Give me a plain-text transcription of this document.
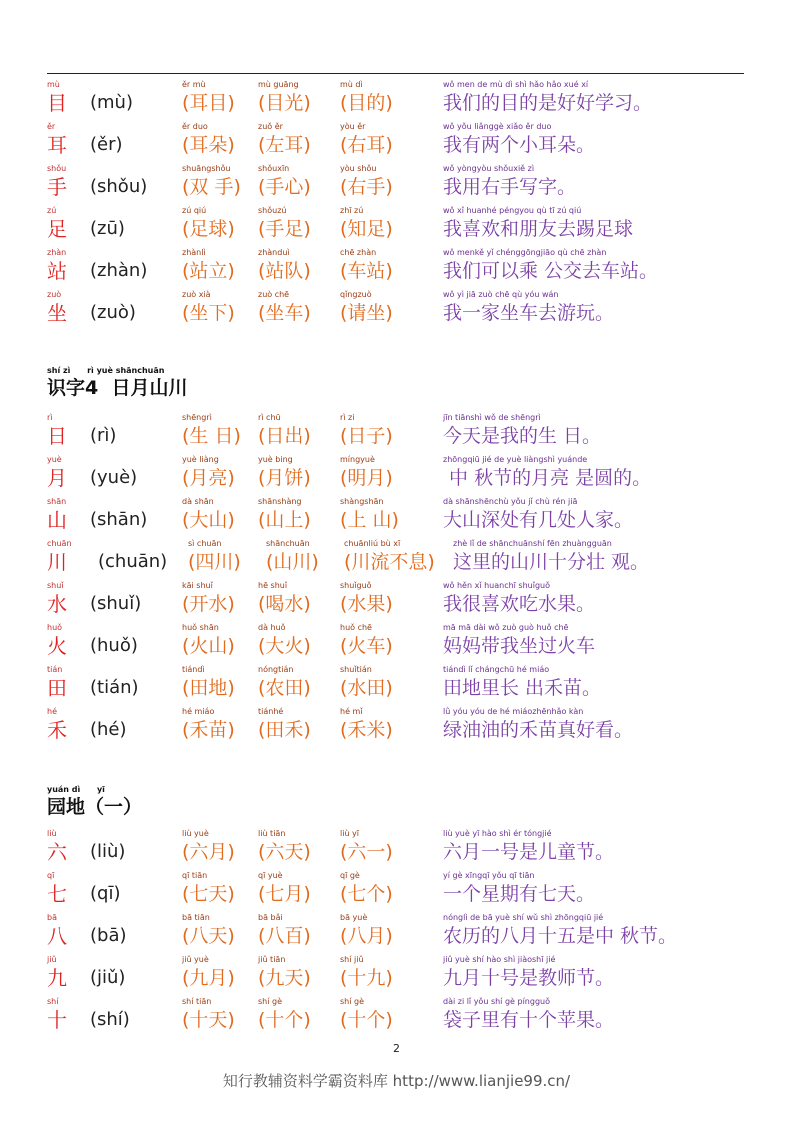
mù
目 (mù)
ěr mù
(耳目)
mù guāng
(目光)
mù dì
(目的)
wǒ men de mù dì shì hǎo hǎo xué xí
我们的目的是好好学习。
ěr
耳 (ěr)
ěr duo
(耳朵)
zuǒ ěr
(左耳)
yòu ěr
(右耳)
wǒ yǒu liǎnggè xiǎo ěr duo
我有两个小耳朵。
shǒu
手 (shǒu)
shuāngshǒu
(双 手)
shǒuxīn
(手心)
yòu shǒu
(右手)
wǒ yòngyòu shǒuxiě zì
我用右手写字。
zú
足 (zū)
zú qiú
(足球)
shǒuzú
(手足)
zhī zú
(知足)
wǒ xǐ huanhé péngyou qù tī zú qiú
我喜欢和朋友去踢足球
zhàn
站 (zhàn)
zhànlì
(站立)
zhànduì
(站队)
chē zhàn
(车站)
wǒ menkě yǐ chénggōngjiāo qù chē zhàn
我们可以乘 公交去车站。
zuò
坐 (zuò)
zuò xià
(坐下)
zuò chē
(坐车)
qǐngzuò
(请坐)
wǒ yì jiā zuò chē qù yóu wán
我一家坐车去游玩。
shí zì      rì yuè shānchuān
识字4  日月山川
rì
日 (rì)
shēngrì
(生 日)
rì chū
(日出)
rì zi
(日子)
jīn tiānshì wǒ de shēngrì
今天是我的生 日。
yuè
月 (yuè)
yuè liàng
(月亮)
yuè bing
(月饼)
míngyuè
(明月)
zhōngqiū jié de yuè liàngshì yuánde
中 秋节的月亮 是圆的。
shān
山 (shān)
dà shān
(大山)
shānshàng
(山上)
shàngshān
(上 山)
dà shānshēnchù yǒu jǐ chù rén jiā
大山深处有几处人家。
chuān
川 (chuān)
sì chuān
(四川)
shānchuān
(山川)
chuānliú bù xī
(川流不息)
zhè lǐ de shānchuānshí fēn zhuàngguān
这里的山川十分壮 观。
shuǐ
水 (shuǐ)
kāi shuǐ
(开水)
hē shuǐ
(喝水)
shuǐguǒ
(水果)
wǒ hěn xǐ huanchī shuǐguǒ
我很喜欢吃水果。
huǒ
火 (huǒ)
huǒ shān
(火山)
dà huǒ
(大火)
huǒ chē
(火车)
mā mā dài wǒ zuò guò huǒ chē
妈妈带我坐过火车
tián
田 (tián)
tiándì
(田地)
nóngtián
(农田)
shuǐtián
(水田)
tiándì lǐ chángchū hé miáo
田地里长 出禾苗。
hé
禾 (hé)
hé miáo
(禾苗)
tiánhé
(田禾)
hé mǐ
(禾米)
lǜ yóu yóu de hé miáozhēnhǎo kàn
绿油油的禾苗真好看。
yuán dì      yī
园地（一）
liù
六 (liù)
liù yuè
(六月)
liù tiān
(六天)
liù yī
(六一)
liù yuè yī hào shì ér tóngjié
六月一号是儿童节。
qī
七 (qī)
qī tiān
(七天)
qī yuè
(七月)
qī gè
(七个)
yí gè xīngqī yǒu qī tiān
一个星期有七天。
bā
八 (bā)
bā tiān
(八天)
bā bǎi
(八百)
bā yuè
(八月)
nónglì de bā yuè shí wǔ shì zhōngqiū jié
农历的八月十五是中 秋节。
jiǔ
九 (jiǔ)
jiǔ yuè
(九月)
jiǔ tiān
(九天)
shí jiǔ
(十九)
jiǔ yuè shí hào shì jiàoshī jié
九月十号是教师节。
shí
十 (shí)
shí tiān
(十天)
shí gè
(十个)
shí gè
(十个)
dài zi lǐ yǒu shí gè píngguǒ
袋子里有十个苹果。
2
知行教辅资料学霸资料库 http://www.lianjie99.cn/
